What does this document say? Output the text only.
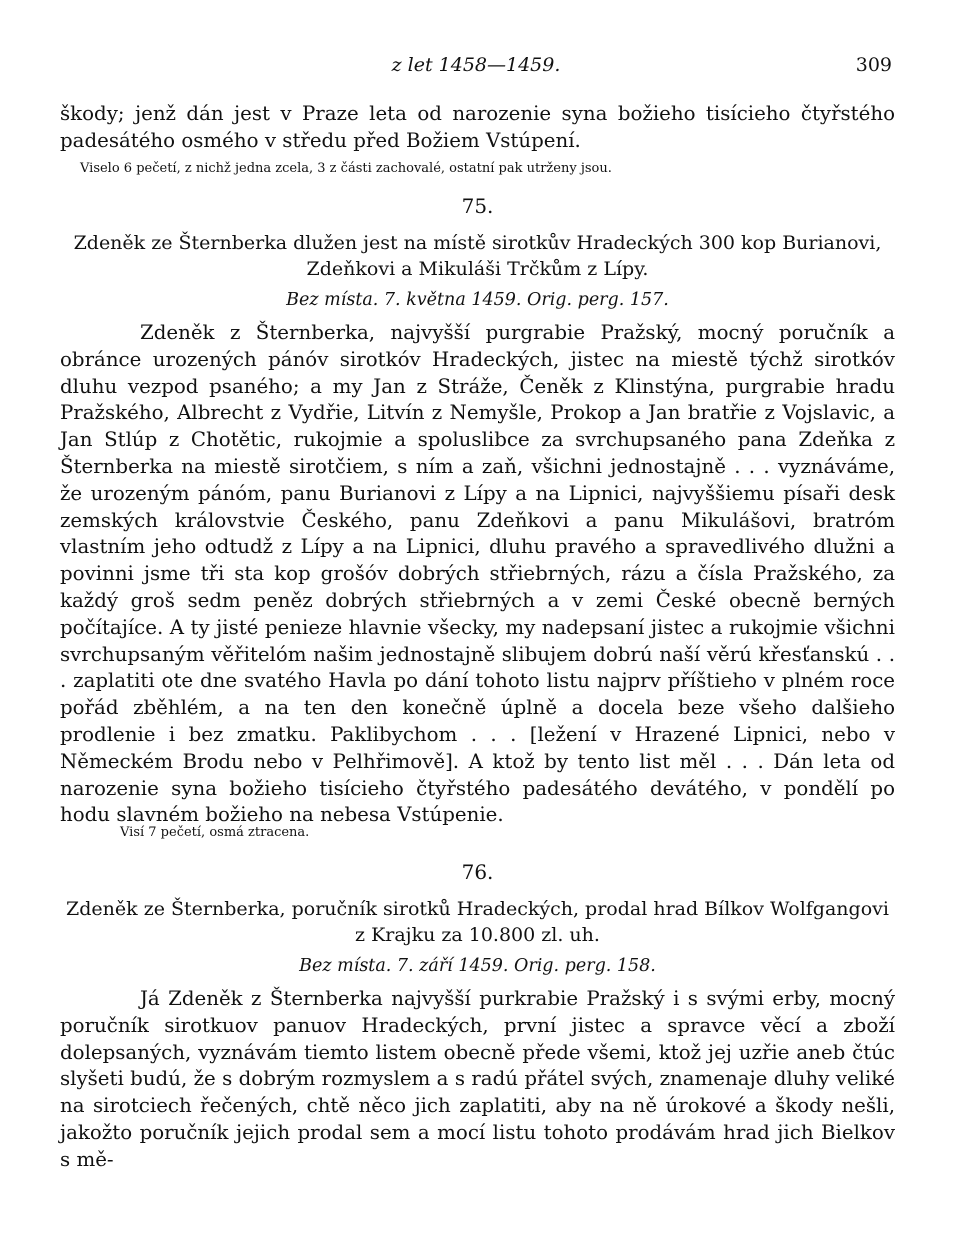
z let 1458—1459.	309
škody; jenž dán jest v Praze leta od narozenie syna božieho tisícieho čtyřstého padesátého osmého v středu před Božiem Vstúpení.
Viselo 6 pečetí, z nichž jedna zcela, 3 z části zachovalé, ostatní pak utrženy jsou.
75.
Zdeněk ze Šternberka dlužen jest na místě sirotkův Hradeckých 300 kop Burianovi, Zdeňkovi a Mikuláši Trčkům z Lípy.
Bez místa. 7. května 1459. Orig. perg. 157.
Zdeněk z Šternberka, najvyšší purgrabie Pražský, mocný poručník a obránce urozených pánóv sirotkóv Hradeckých, jistec na miestě týchž sirotkóv dluhu vezpod psaného; a my Jan z Stráže, Čeněk z Klinstýna, purgrabie hradu Pražského, Albrecht z Vydřie, Litvín z Nemyšle, Prokop a Jan bratřie z Vojslavic, a Jan Stlúp z Chotětic, rukojmie a spoluslibce za svrchupsaného pana Zdeňka z Šternberka na miestě sirotčiem, s ním a zaň, všichni jednostajně . . . vyznáváme, že urozeným pánóm, panu Burianovi z Lípy a na Lipnici, najvyššiemu písaři desk zemských královstvie Českého, panu Zdeňkovi a panu Mikulášovi, bratróm vlastním jeho odtudž z Lípy a na Lipnici, dluhu pravého a spravedlivého dlužni a povinni jsme tři sta kop grošóv dobrých střiebrných, rázu a čísla Pražského, za každý groš sedm peněz dobrých střiebrných a v zemi České obecně berných počítajíce. A ty jisté penieze hlavnie všecky, my nadepsaní jistec a rukojmie všichni svrchupsaným věřitelóm našim jednostajně slibujem dobrú naší věrú křesťanskú . . . zaplatiti ote dne svatého Havla po dání tohoto listu najprv příštieho v plném roce pořád zběhlém, a na ten den konečně úplně a docela beze všeho dalšieho prodlenie i bez zmatku. Paklibychom . . . [ležení v Hrazené Lipnici, nebo v Německém Brodu nebo v Pelhřimově]. A ktož by tento list měl . . . Dán leta od narozenie syna božieho tisícieho čtyřstého padesátého devátého, v pondělí po hodu slavném božieho na nebesa Vstúpenie.
Visí 7 pečetí, osmá ztracena.
76.
Zdeněk ze Šternberka, poručník sirotků Hradeckých, prodal hrad Bílkov Wolfgangovi z Krajku za 10.800 zl. uh.
Bez místa. 7. září 1459. Orig. perg. 158.
Já Zdeněk z Šternberka najvyšší purkrabie Pražský i s svými erby, mocný poručník sirotkuov panuov Hradeckých, první jistec a spravce věcí a zboží dolepsaných, vyznávám tiemto listem obecně přede všemi, ktož jej uzřie aneb čtúc slyšeti budú, že s dobrým rozmyslem a s radú přátel svých, znamenaje dluhy veliké na sirotciech řečených, chtě něco jich zaplatiti, aby na ně úrokové a škody nešli, jakožto poručník jejich prodal sem a mocí listu tohoto prodávám hrad jich Bielkov s mě-
